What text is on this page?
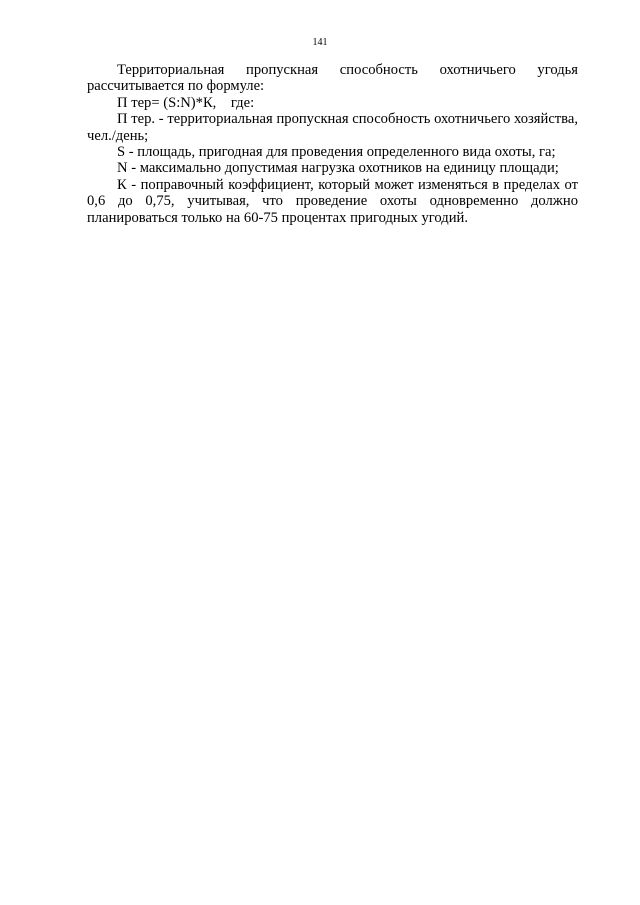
141

Территориальная пропускная способность охотничьего угодья рассчитывается по формуле:

П тер= (S:N)*К,    где:

П тер. - территориальная пропускная способность охотничьего хозяйства, чел./день;

S - площадь, пригодная для проведения определенного вида охоты, га;

N - максимально допустимая нагрузка охотников на единицу площади;

К - поправочный коэффициент, который может изменяться в пределах от 0,6 до 0,75, учитывая, что проведение охоты одновременно должно планироваться только на 60-75 процентах пригодных угодий.
